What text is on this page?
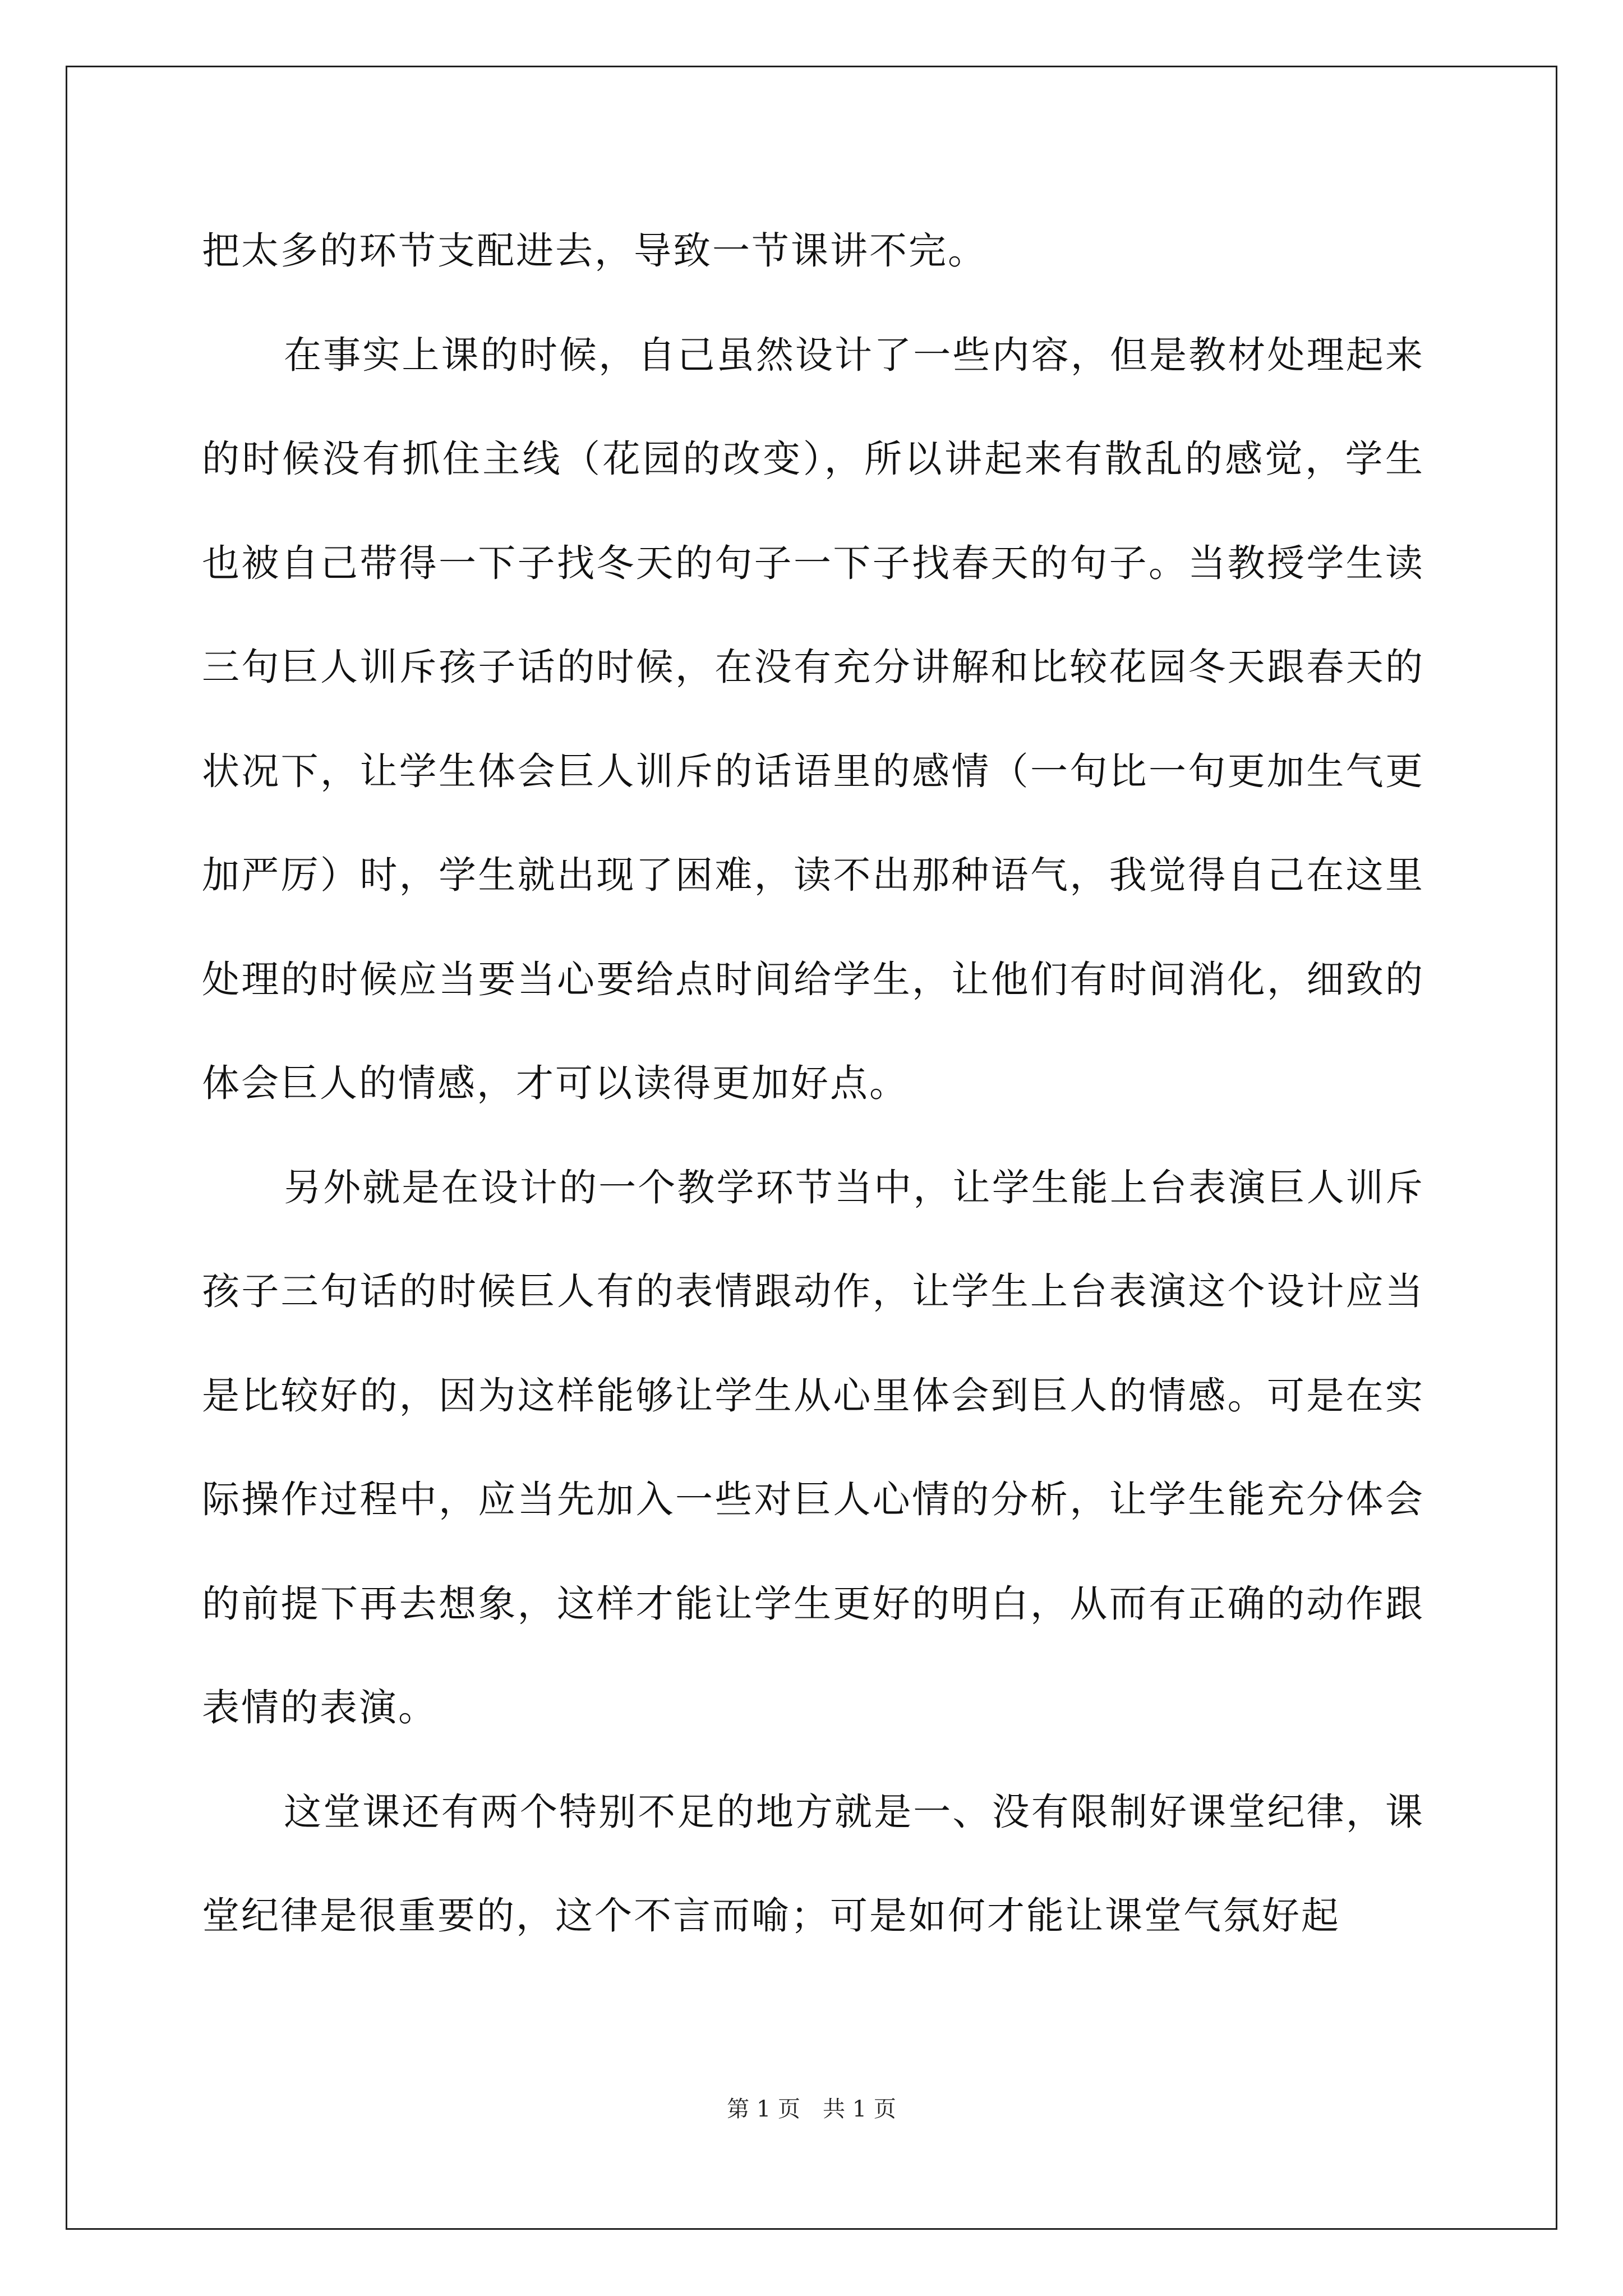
把太多的环节支配进去，导致一节课讲不完。

在事实上课的时候，自己虽然设计了一些内容，但是教材处理起来的时候没有抓住主线（花园的改变），所以讲起来有散乱的感觉，学生也被自己带得一下子找冬天的句子一下子找春天的句子。当教授学生读三句巨人训斥孩子话的时候，在没有充分讲解和比较花园冬天跟春天的状况下，让学生体会巨人训斥的话语里的感情（一句比一句更加生气更加严厉）时，学生就出现了困难，读不出那种语气，我觉得自己在这里处理的时候应当要当心要给点时间给学生，让他们有时间消化，细致的体会巨人的情感，才可以读得更加好点。

另外就是在设计的一个教学环节当中，让学生能上台表演巨人训斥孩子三句话的时候巨人有的表情跟动作，让学生上台表演这个设计应当是比较好的，因为这样能够让学生从心里体会到巨人的情感。可是在实际操作过程中，应当先加入一些对巨人心情的分析，让学生能充分体会的前提下再去想象，这样才能让学生更好的明白，从而有正确的动作跟表情的表演。

这堂课还有两个特别不足的地方就是一、没有限制好课堂纪律，课堂纪律是很重要的，这个不言而喻；可是如何才能让课堂气氛好起

第 1 页　共 1 页
